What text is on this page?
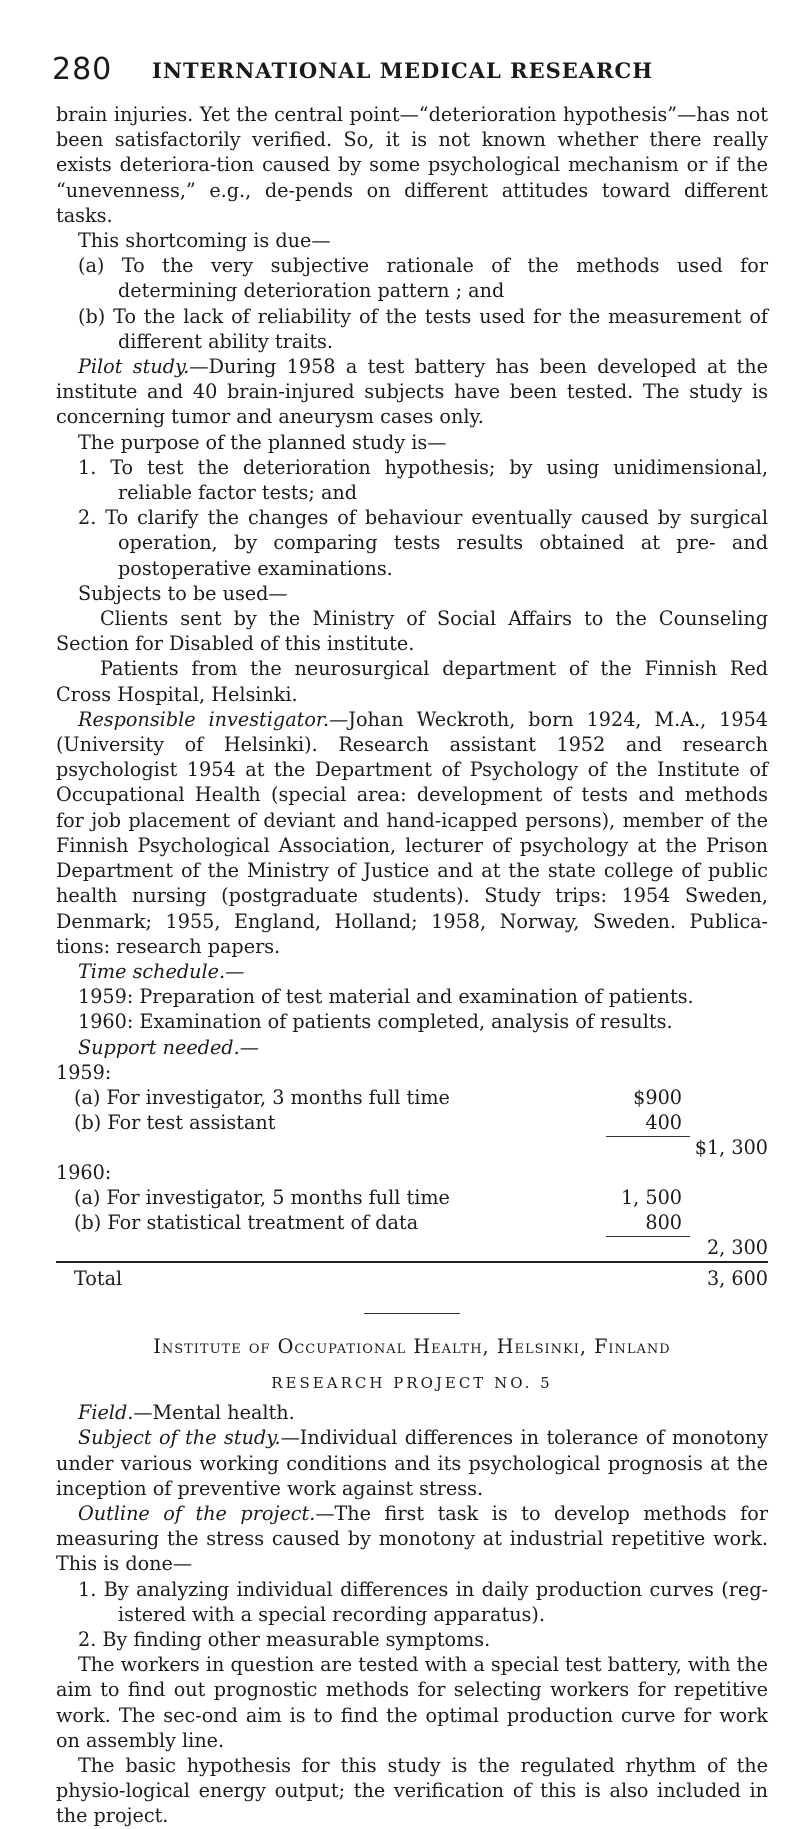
280 INTERNATIONAL MEDICAL RESEARCH

brain injuries. Yet the central point—“deterioration hypothesis”—has not been satisfactorily verified. So, it is not known whether there really exists deteriora-tion caused by some psychological mechanism or if the “unevenness,” e.g., de-pends on different attitudes toward different tasks.

This shortcoming is due—

(a) To the very subjective rationale of the methods used for determining deterioration pattern ; and

(b) To the lack of reliability of the tests used for the measurement of different ability traits.

Pilot study.—During 1958 a test battery has been developed at the institute and 40 brain-injured subjects have been tested. The study is concerning tumor and aneurysm cases only.

The purpose of the planned study is—

1. To test the deterioration hypothesis; by using unidimensional, reliable factor tests; and

2. To clarify the changes of behaviour eventually caused by surgical operation, by comparing tests results obtained at pre- and postoperative examinations.

Subjects to be used—

Clients sent by the Ministry of Social Affairs to the Counseling Section for Disabled of this institute.

Patients from the neurosurgical department of the Finnish Red Cross Hospital, Helsinki.

Responsible investigator.—Johan Weckroth, born 1924, M.A., 1954 (University of Helsinki). Research assistant 1952 and research psychologist 1954 at the Department of Psychology of the Institute of Occupational Health (special area: development of tests and methods for job placement of deviant and hand-icapped persons), member of the Finnish Psychological Association, lecturer of psychology at the Prison Department of the Ministry of Justice and at the state college of public health nursing (postgraduate students). Study trips: 1954 Sweden, Denmark; 1955, England, Holland; 1958, Norway, Sweden. Publica-tions: research papers.

Time schedule.—

1959: Preparation of test material and examination of patients.

1960: Examination of patients completed, analysis of results.

Support needed.—

1959:
(a) For investigator, 3 months full time	$900
(b) For test assistant	400
$1, 300
1960:
(a) For investigator, 5 months full time	1, 500
(b) For statistical treatment of data	800
2, 300
Total	3, 600
Institute of Occupational Health, Helsinki, Finland
RESEARCH PROJECT NO. 5

Field.—Mental health.

Subject of the study.—Individual differences in tolerance of monotony under various working conditions and its psychological prognosis at the inception of preventive work against stress.

Outline of the project.—The first task is to develop methods for measuring the stress caused by monotony at industrial repetitive work. This is done—

1. By analyzing individual differences in daily production curves (reg-istered with a special recording apparatus).

2. By finding other measurable symptoms.

The workers in question are tested with a special test battery, with the aim to find out prognostic methods for selecting workers for repetitive work. The sec-ond aim is to find the optimal production curve for work on assembly line.

The basic hypothesis for this study is the regulated rhythm of the physio-logical energy output; the verification of this is also included in the project.
